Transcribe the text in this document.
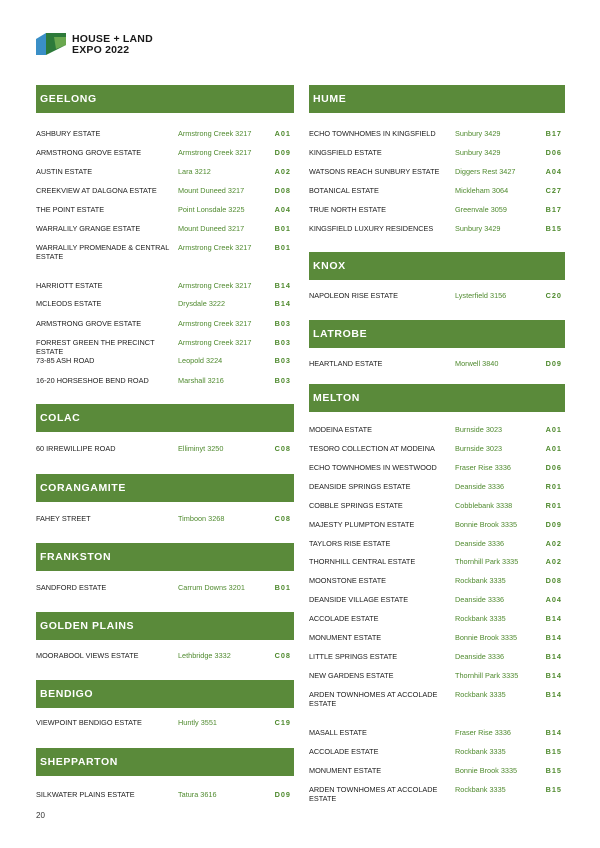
HOUSE + LAND
EXPO 2022
GEELONG
COLAC
CORANGAMITE
FRANKSTON
GOLDEN PLAINS
BENDIGO
SHEPPARTON
ASHBURY ESTATE	Armstrong Creek 3217	A01
ARMSTRONG GROVE ESTATE	Armstrong Creek 3217	D09
AUSTIN ESTATE	Lara 3212	A02
CREEKVIEW AT DALGONA ESTATE	Mount Duneed 3217	D08
THE POINT ESTATE	Point Lonsdale 3225	A04
WARRALILY GRANGE ESTATE	Mount Duneed 3217	B01
WARRALILY PROMENADE & CENTRAL ESTATE
Armstrong Creek 3217	B01
HARRIOTT ESTATE	Armstrong Creek 3217	B14
MCLEODS ESTATE	Drysdale 3222	B14
ARMSTRONG GROVE ESTATE	Armstrong Creek 3217	B03
FORREST GREEN THE PRECINCT ESTATE
Armstrong Creek 3217	B03
73-85 ASH ROAD	Leopold 3224	B03
16-20 HORSESHOE BEND ROAD	Marshall 3216	B03
60 IRREWILLIPE ROAD	Elliminyt 3250	C08
FAHEY STREET	Timboon 3268	C08
SANDFORD ESTATE	Carrum Downs 3201	B01
MOORABOOL VIEWS ESTATE	Lethbridge 3332	C08
VIEWPOINT BENDIGO ESTATE	Huntly 3551	C19
SILKWATER PLAINS ESTATE	Tatura 3616	D09
HUME
KNOX
LATROBE
MELTON
ECHO TOWNHOMES IN KINGSFIELD	Sunbury 3429	B17
KINGSFIELD ESTATE	Sunbury 3429	D06
WATSONS REACH SUNBURY ESTATE	Diggers Rest 3427	A04
BOTANICAL ESTATE	Mickleham 3064	C27
TRUE NORTH ESTATE	Greenvale 3059	B17
KINGSFIELD LUXURY RESIDENCES	Sunbury 3429	B15
NAPOLEON RISE ESTATE	Lysterfield 3156	C20
HEARTLAND ESTATE	Morwell 3840	D09
MODEINA ESTATE	Burnside 3023	A01
TESORO COLLECTION AT MODEINA	Burnside 3023	A01
ECHO TOWNHOMES IN WESTWOOD	Fraser Rise 3336	D06
DEANSIDE SPRINGS ESTATE	Deanside 3336	R01
COBBLE SPRINGS ESTATE	Cobblebank 3338	R01
MAJESTY PLUMPTON ESTATE	Bonnie Brook 3335	D09
TAYLORS RISE ESTATE	Deanside 3336	A02
THORNHILL CENTRAL ESTATE	Thornhill Park 3335	A02
MOONSTONE ESTATE	Rockbank 3335	D08
DEANSIDE VILLAGE ESTATE	Deanside 3336	A04
ACCOLADE ESTATE	Rockbank 3335	B14
MONUMENT ESTATE	Bonnie Brook 3335	B14
LITTLE SPRINGS ESTATE	Deanside 3336	B14
NEW GARDENS ESTATE	Thornhill Park 3335	B14
ARDEN TOWNHOMES AT ACCOLADE ESTATE
Rockbank 3335	B14
MASALL ESTATE	Fraser Rise 3336	B14
ACCOLADE ESTATE	Rockbank 3335	B15
MONUMENT ESTATE	Bonnie Brook 3335	B15
ARDEN TOWNHOMES AT ACCOLADE ESTATE
Rockbank 3335	B15
20
